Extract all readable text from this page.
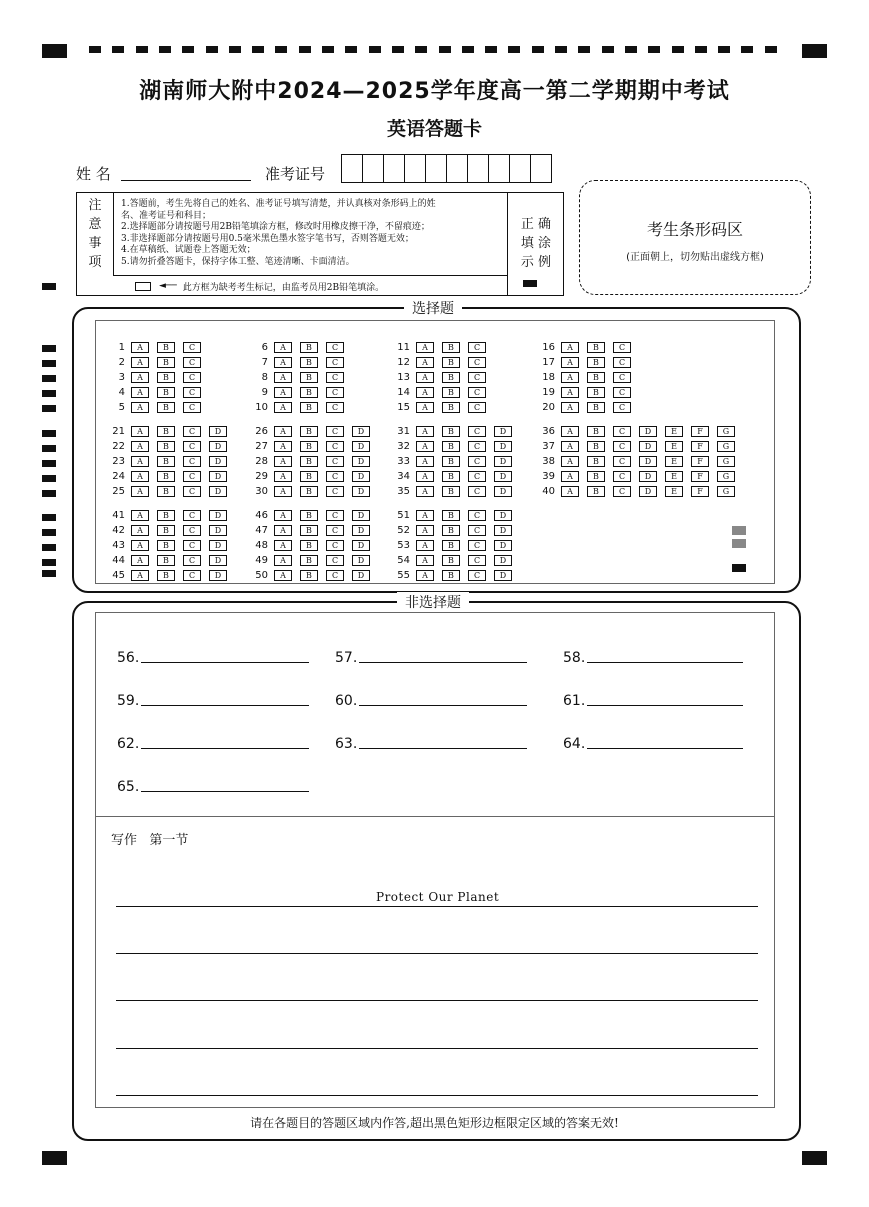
湖南师大附中2024—2025学年度高一第二学期期中考试
英语答题卡
姓 名	准考证号
注
意
事
项
1.答题前，考生先将自己的姓名、准考证号填写清楚，并认真核对条形码上的姓
名、准考证号和科目；
2.选择题部分请按题号用2B铅笔填涂方框，修改时用橡皮擦干净，不留痕迹；
3.非选择题部分请按题号用0.5毫米黑色墨水签字笔书写，否则答题无效；
4.在草稿纸、试题卷上答题无效；
5.请勿折叠答题卡，保持字体工整、笔迹清晰、卡面清洁。
◄── 此方框为缺考考生标记，由监考员用2B铅笔填涂。
正 确
填 涂
示 例
考生条形码区
(正面朝上，切勿贴出虚线方框)
选择题
1	A	B	C
2	A	B	C
3	A	B	C
4	A	B	C
5	A	B	C
6	A	B	C
7	A	B	C
8	A	B	C
9	A	B	C
10	A	B	C
11	A	B	C
12	A	B	C
13	A	B	C
14	A	B	C
15	A	B	C
16	A	B	C
17	A	B	C
18	A	B	C
19	A	B	C
20	A	B	C
21	A	B	C	D
22	A	B	C	D
23	A	B	C	D
24	A	B	C	D
25	A	B	C	D
26	A	B	C	D
27	A	B	C	D
28	A	B	C	D
29	A	B	C	D
30	A	B	C	D
31	A	B	C	D
32	A	B	C	D
33	A	B	C	D
34	A	B	C	D
35	A	B	C	D
36	A	B	C	D	E	F	G
37	A	B	C	D	E	F	G
38	A	B	C	D	E	F	G
39	A	B	C	D	E	F	G
40	A	B	C	D	E	F	G
41	A	B	C	D
42	A	B	C	D
43	A	B	C	D
44	A	B	C	D
45	A	B	C	D
46	A	B	C	D
47	A	B	C	D
48	A	B	C	D
49	A	B	C	D
50	A	B	C	D
51	A	B	C	D
52	A	B	C	D
53	A	B	C	D
54	A	B	C	D
55	A	B	C	D
非选择题
56.	57.	58.
59.	60.	61.
62.	63.	64.
65.
写作   第一节
Protect Our Planet
请在各题目的答题区域内作答,超出黑色矩形边框限定区域的答案无效!
